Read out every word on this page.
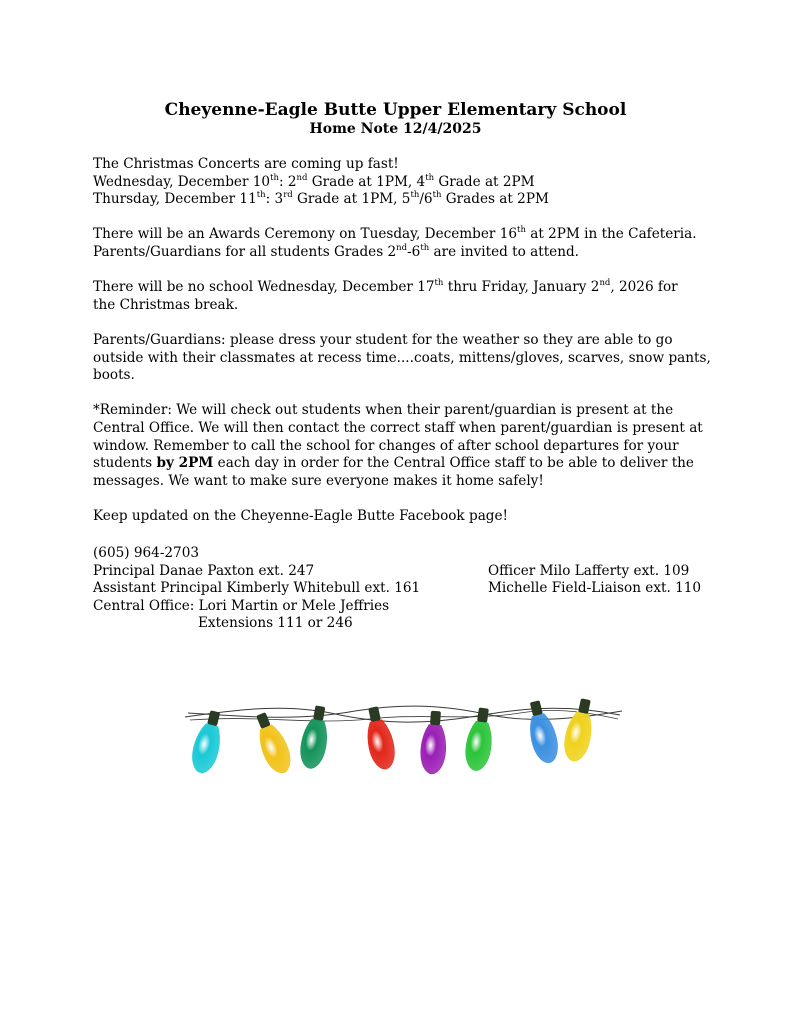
Cheyenne-Eagle Butte Upper Elementary School
Home Note 12/4/2025
The Christmas Concerts are coming up fast!
Wednesday, December 10th: 2nd Grade at 1PM, 4th Grade at 2PM
Thursday, December 11th: 3rd Grade at 1PM, 5th/6th Grades at 2PM
There will be an Awards Ceremony on Tuesday, December 16th at 2PM in the Cafeteria.
Parents/Guardians for all students Grades 2nd-6th are invited to attend.
There will be no school Wednesday, December 17th thru Friday, January 2nd, 2026 for
the Christmas break.
Parents/Guardians: please dress your student for the weather so they are able to go
outside with their classmates at recess time....coats, mittens/gloves, scarves, snow pants,
boots.
*Reminder: We will check out students when their parent/guardian is present at the
Central Office. We will then contact the correct staff when parent/guardian is present at
window. Remember to call the school for changes of after school departures for your
students by 2PM each day in order for the Central Office staff to be able to deliver the
messages. We want to make sure everyone makes it home safely!
Keep updated on the Cheyenne-Eagle Butte Facebook page!
(605) 964-2703
Principal Danae Paxton ext. 247	Officer Milo Lafferty ext. 109
Assistant Principal Kimberly Whitebull ext. 161	Michelle Field-Liaison ext. 110
Central Office: Lori Martin or Mele Jeffries
Extensions 111 or 246
